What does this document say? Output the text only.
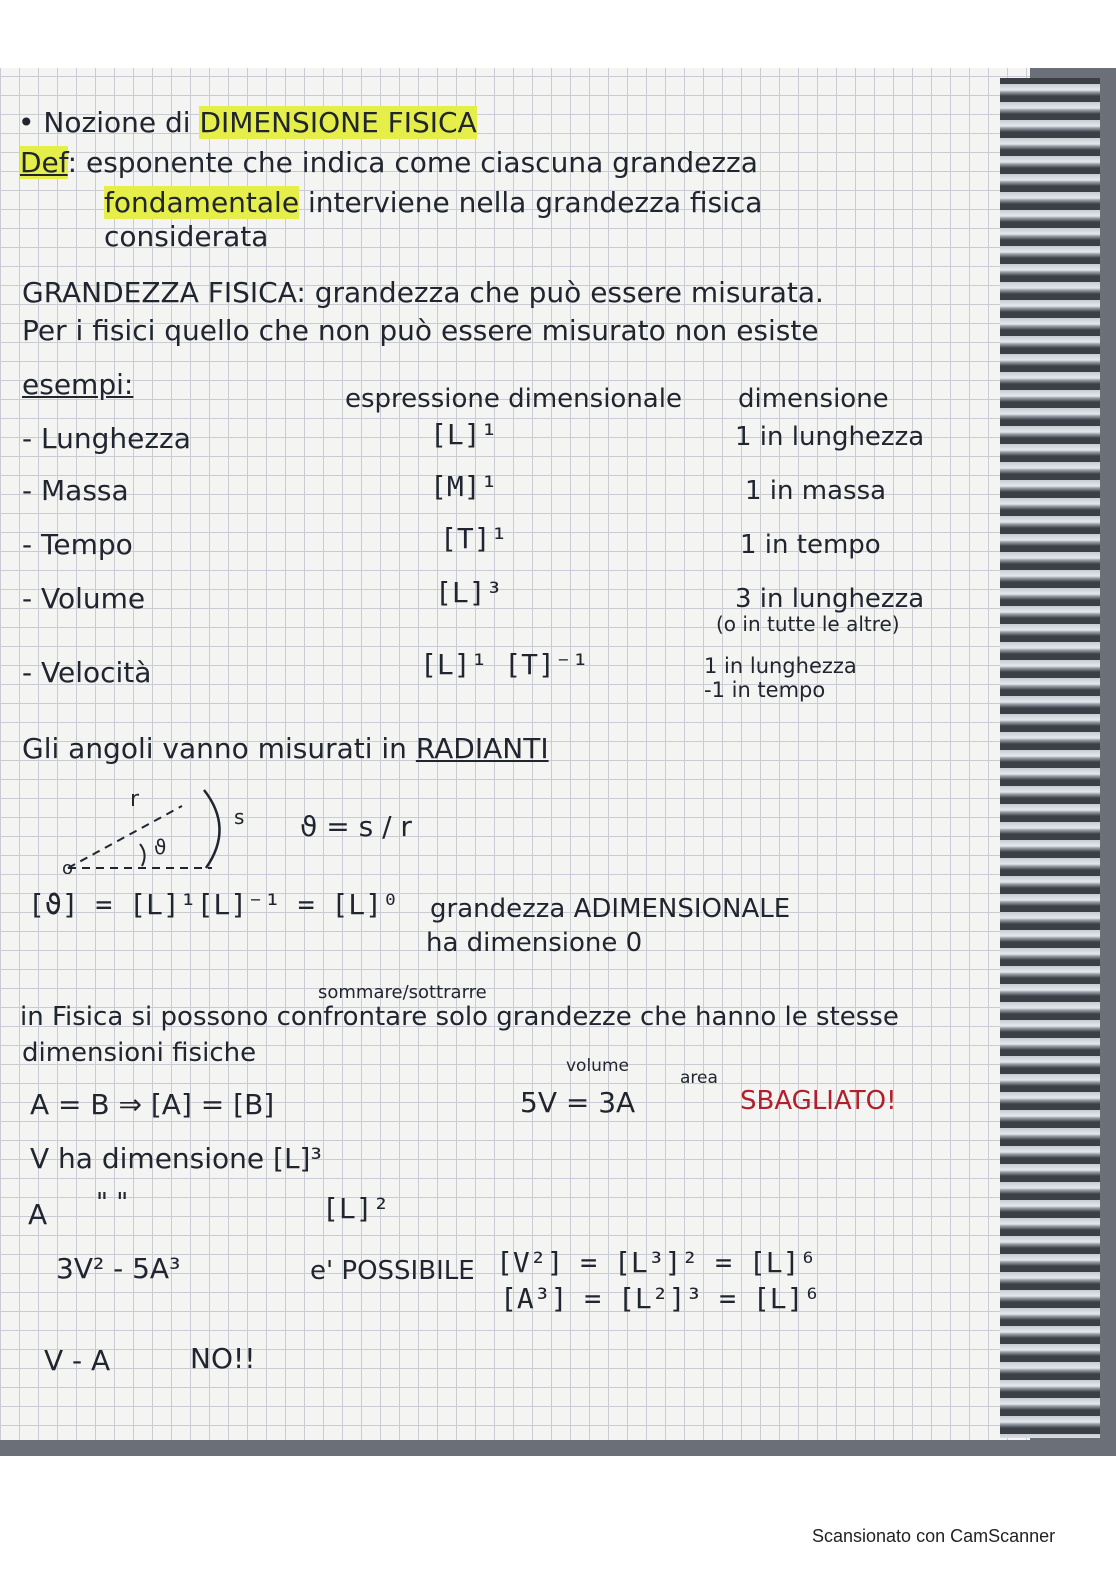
• Nozione di DIMENSIONE FISICA
Def: esponente che indica come ciascuna grandezza
fondamentale interviene nella grandezza fisica
considerata
GRANDEZZA FISICA: grandezza che può essere misurata.
Per i fisici quello che non può essere misurato non esiste
esempi:	espressione dimensionale dimensione
- Lunghezza	[L]¹	1 in lunghezza
- Massa	[M]¹	1 in massa
- Tempo	[T]¹	1 in tempo
- Volume	[L]³	3 in lunghezza
(o in tutte le altre)
- Velocità	[L]¹ [T]⁻¹	1 in lunghezza
-1 in tempo
Gli angoli vanno misurati in RADIANTI
r
ϑ
s
o
ϑ = s / r
[ϑ] = [L]¹[L]⁻¹ = [L]⁰ grandezza ADIMENSIONALE
ha dimensione 0
sommare/sottrarre
in Fisica si possono confrontare solo grandezze che hanno le stesse
dimensioni fisiche
A = B ⇒ [A] = [B]
volume
5V = 3A
area
SBAGLIATO!
V ha dimensione [L]³
A " "	[L]²
3V² - 5A³	e' POSSIBILE [V²] = [L³]² = [L]⁶
[A³] = [L²]³ = [L]⁶
V - A	NO!!
Scansionato con CamScanner
